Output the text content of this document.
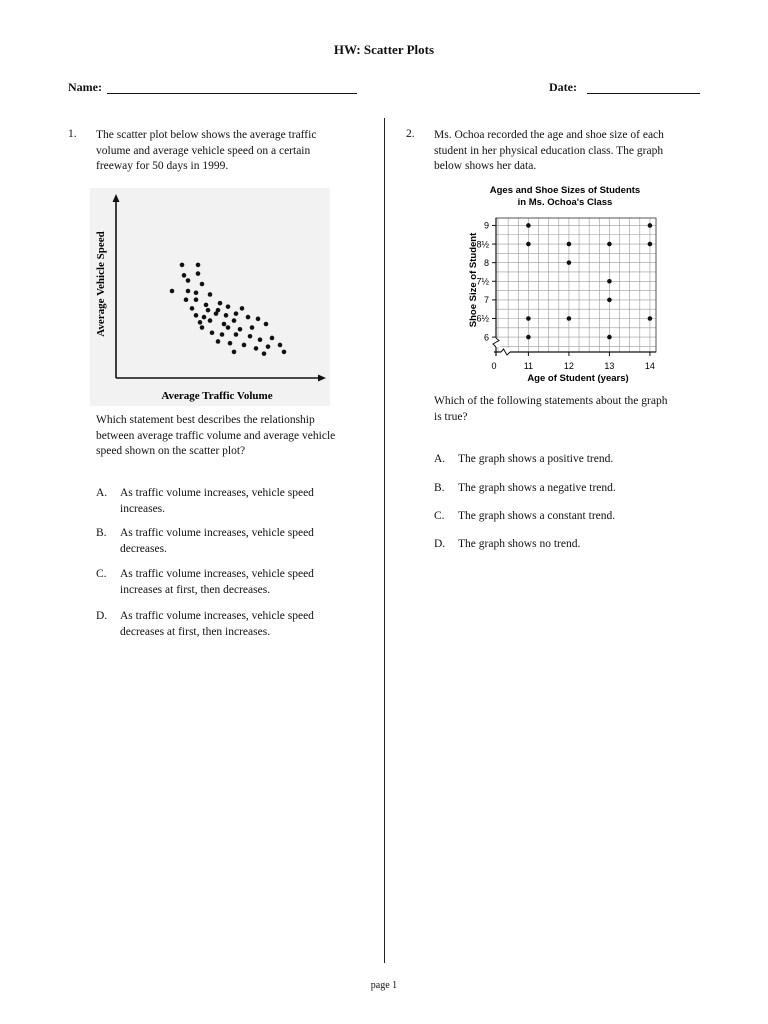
HW: Scatter Plots
Name:	Date:
1. The scatter plot below shows the average traffic
volume and average vehicle speed on a certain
freeway for 50 days in 1999.
Average Traffic Volume
Average Vehicle Speed
Which statement best describes the relationship
between average traffic volume and average vehicle
speed shown on the scatter plot?
A. As traffic volume increases, vehicle speed
increases.
B. As traffic volume increases, vehicle speed
decreases.
C. As traffic volume increases, vehicle speed
increases at first, then decreases.
D. As traffic volume increases, vehicle speed
decreases at first, then increases.
2. Ms. Ochoa recorded the age and shoe size of each
student in her physical education class. The graph
below shows her data.
Ages and Shoe Sizes of Students
in Ms. Ochoa's Class
11	12	13	14
6
6½
7
7½
8
8½
9
0
Age of Student (years)
Shoe Size of Student
Which of the following statements about the graph
is true?
A. The graph shows a positive trend.
B. The graph shows a negative trend.
C. The graph shows a constant trend.
D. The graph shows no trend.
page 1
